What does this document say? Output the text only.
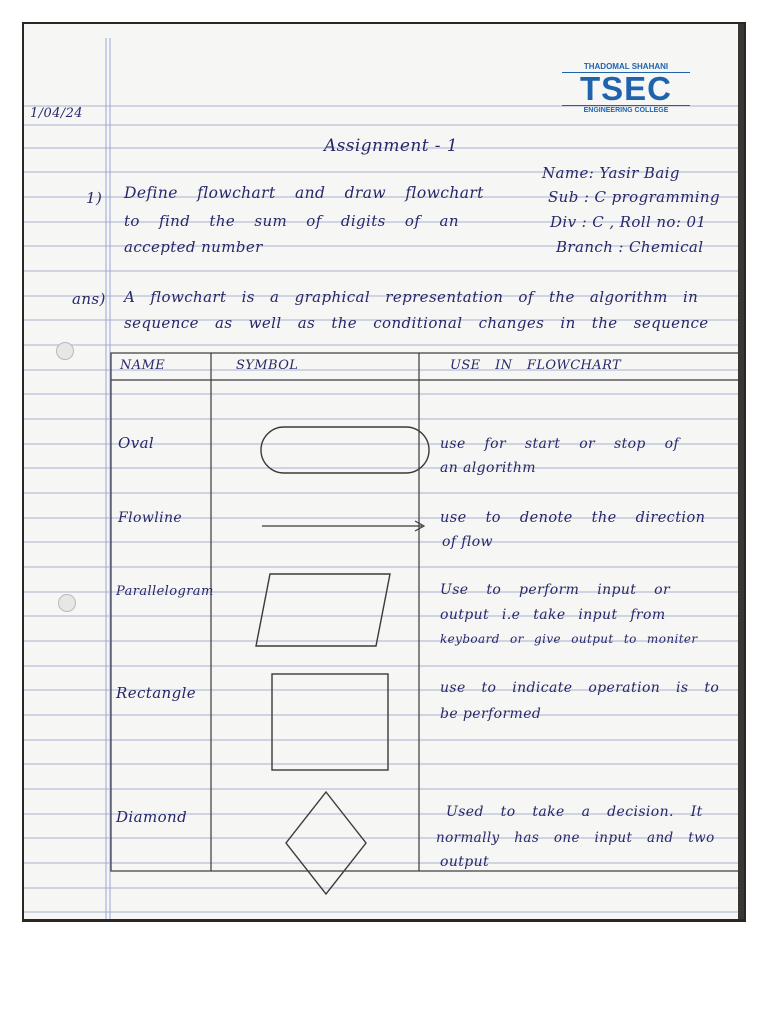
1/04/24
THADOMAL SHAHANI
TSEC
ENGINEERING COLLEGE
Assignment - 1
Name: Yasir Baig
Sub : C programming
Div : C , Roll no: 01
Branch : Chemical
1) Define flowchart and draw flowchart
to find the sum of digits of an
accepted number
ans) A flowchart is a graphical representation of the algorithm in
sequence as well as the conditional changes in the sequence
NAME	SYMBOL	USE IN FLOWCHART
Oval	use for start or stop of
an algorithm
Flowline	use to denote the direction
of flow
Parallelogram	Use to perform input or
output i.e take input from
keyboard or give output to moniter
Rectangle	use to indicate operation is to
be performed
Diamond	Used to take a decision. It
normally has one input and two
output
